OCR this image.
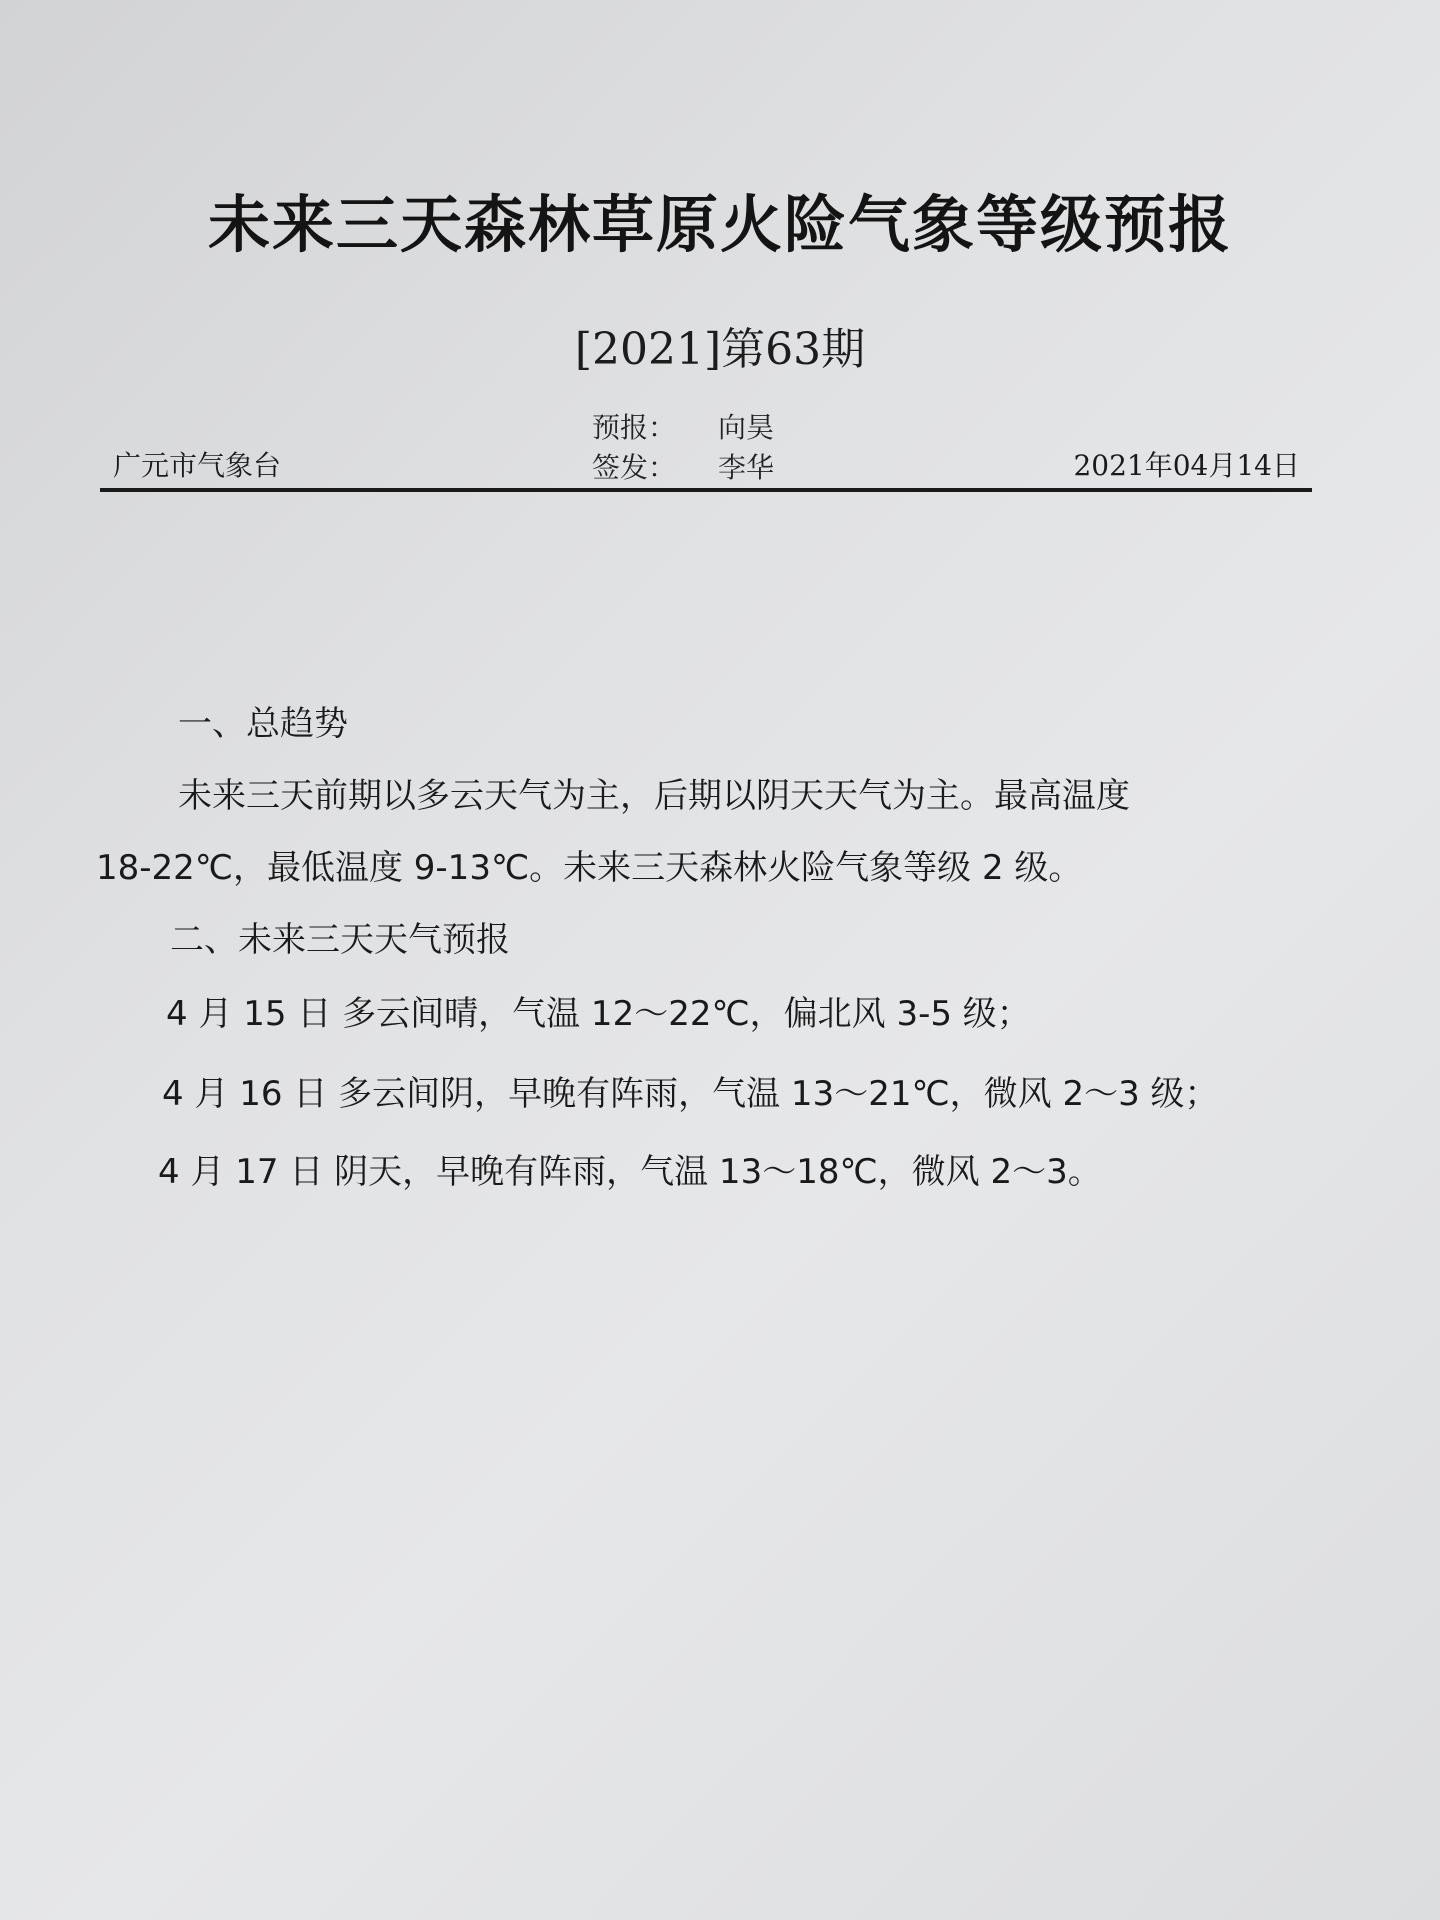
未来三天森林草原火险气象等级预报
[2021]第63期
预报： 向昊
签发： 李华
广元市气象台	2021年04月14日
一、总趋势
未来三天前期以多云天气为主，后期以阴天天气为主。最高温度
18-22℃，最低温度 9-13℃。未来三天森林火险气象等级 2 级。
二、未来三天天气预报
4 月 15 日 多云间晴，气温 12～22℃，偏北风 3-5 级；
4 月 16 日 多云间阴，早晚有阵雨，气温 13～21℃，微风 2～3 级；
4 月 17 日 阴天，早晚有阵雨，气温 13～18℃，微风 2～3。
